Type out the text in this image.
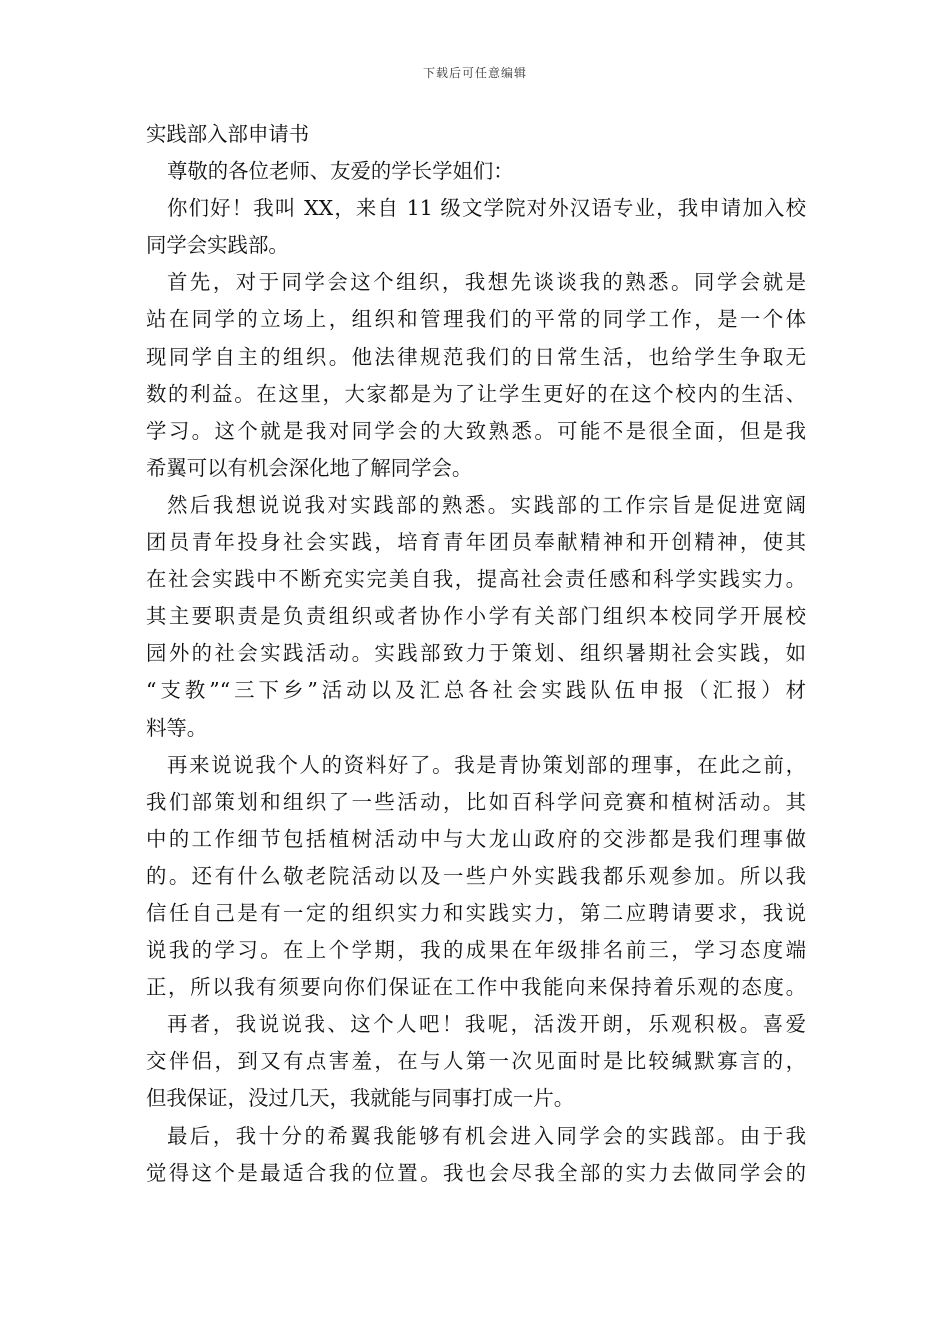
下载后可任意编辑
实践部入部申请书
尊敬的各位老师、友爱的学长学姐们：
你们好！我叫 XX，来自 11 级文学院对外汉语专业，我申请加入校
同学会实践部。
首先，对于同学会这个组织，我想先谈谈我的熟悉。同学会就是
站在同学的立场上，组织和管理我们的平常的同学工作，是一个体
现同学自主的组织。他法律规范我们的日常生活，也给学生争取无
数的利益。在这里，大家都是为了让学生更好的在这个校内的生活、
学习。这个就是我对同学会的大致熟悉。可能不是很全面，但是我
希翼可以有机会深化地了解同学会。
然后我想说说我对实践部的熟悉。实践部的工作宗旨是促进宽阔
团员青年投身社会实践，培育青年团员奉献精神和开创精神，使其
在社会实践中不断充实完美自我，提高社会责任感和科学实践实力。
其主要职责是负责组织或者协作小学有关部门组织本校同学开展校
园外的社会实践活动。实践部致力于策划、组织暑期社会实践，如
“支教”“三下乡”活动以及汇总各社会实践队伍申报（汇报）材
料等。
再来说说我个人的资料好了。我是青协策划部的理事，在此之前，
我们部策划和组织了一些活动，比如百科学问竞赛和植树活动。其
中的工作细节包括植树活动中与大龙山政府的交涉都是我们理事做
的。还有什么敬老院活动以及一些户外实践我都乐观参加。所以我
信任自己是有一定的组织实力和实践实力，第二应聘请要求，我说
说我的学习。在上个学期，我的成果在年级排名前三，学习态度端
正，所以我有须要向你们保证在工作中我能向来保持着乐观的态度。
再者，我说说我、这个人吧！我呢，活泼开朗，乐观积极。喜爱
交伴侣，到又有点害羞，在与人第一次见面时是比较缄默寡言的，
但我保证，没过几天，我就能与同事打成一片。
最后，我十分的希翼我能够有机会进入同学会的实践部。由于我
觉得这个是最适合我的位置。我也会尽我全部的实力去做同学会的
